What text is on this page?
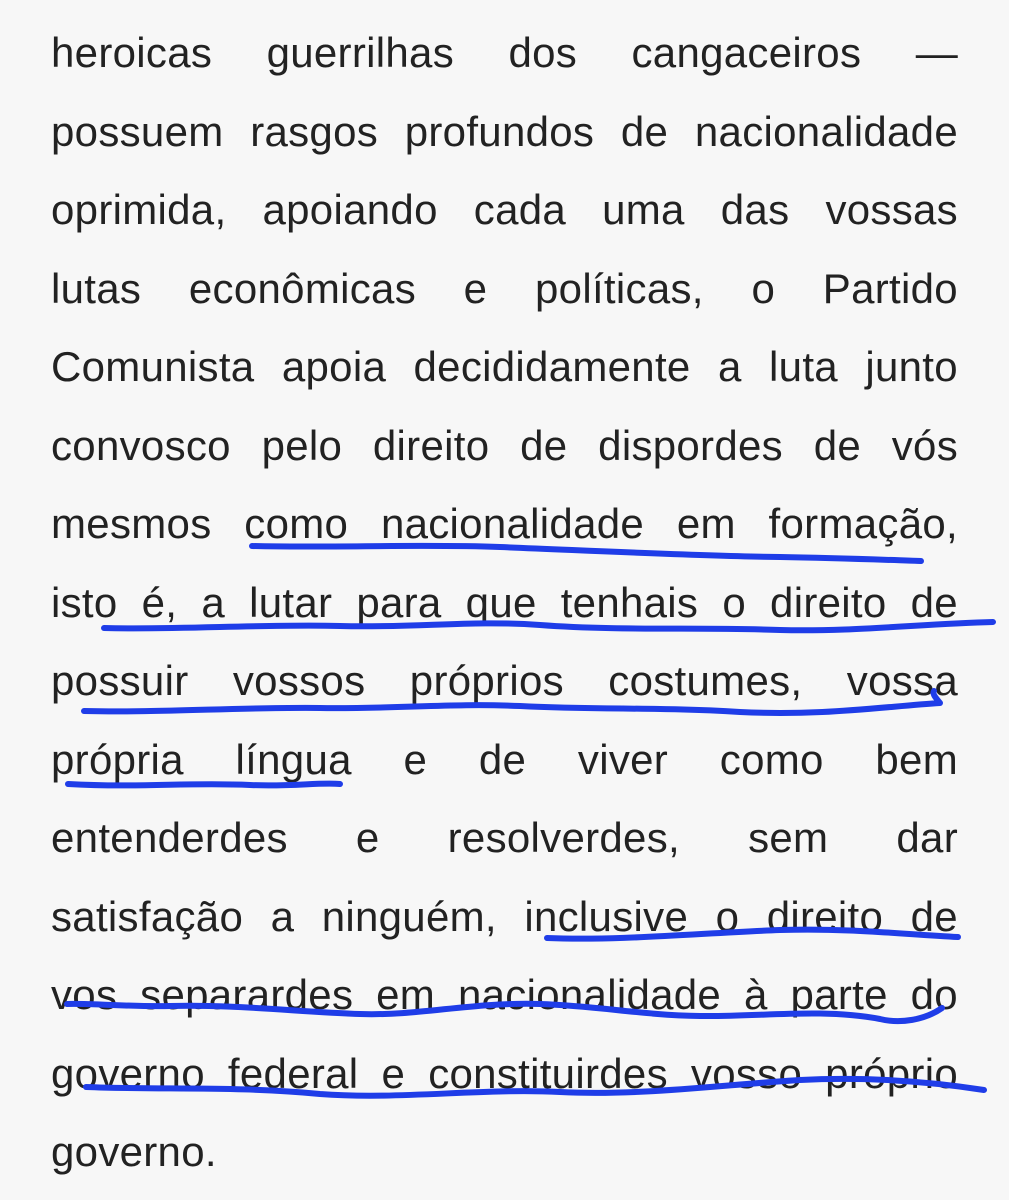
heroicas guerrilhas dos cangaceiros —
possuem rasgos profundos de nacionalidade
oprimida, apoiando cada uma das vossas
lutas econômicas e políticas, o Partido
Comunista apoia decididamente a luta junto
convosco pelo direito de dispordes de vós
mesmos como nacionalidade em formação,
isto é, a lutar para que tenhais o direito de
possuir vossos próprios costumes, vossa
própria língua e de viver como bem
entenderdes e resolverdes, sem dar
satisfação a ninguém, inclusive o direito de
vos separardes em nacionalidade à parte do
governo federal e constituirdes vosso próprio
governo.
